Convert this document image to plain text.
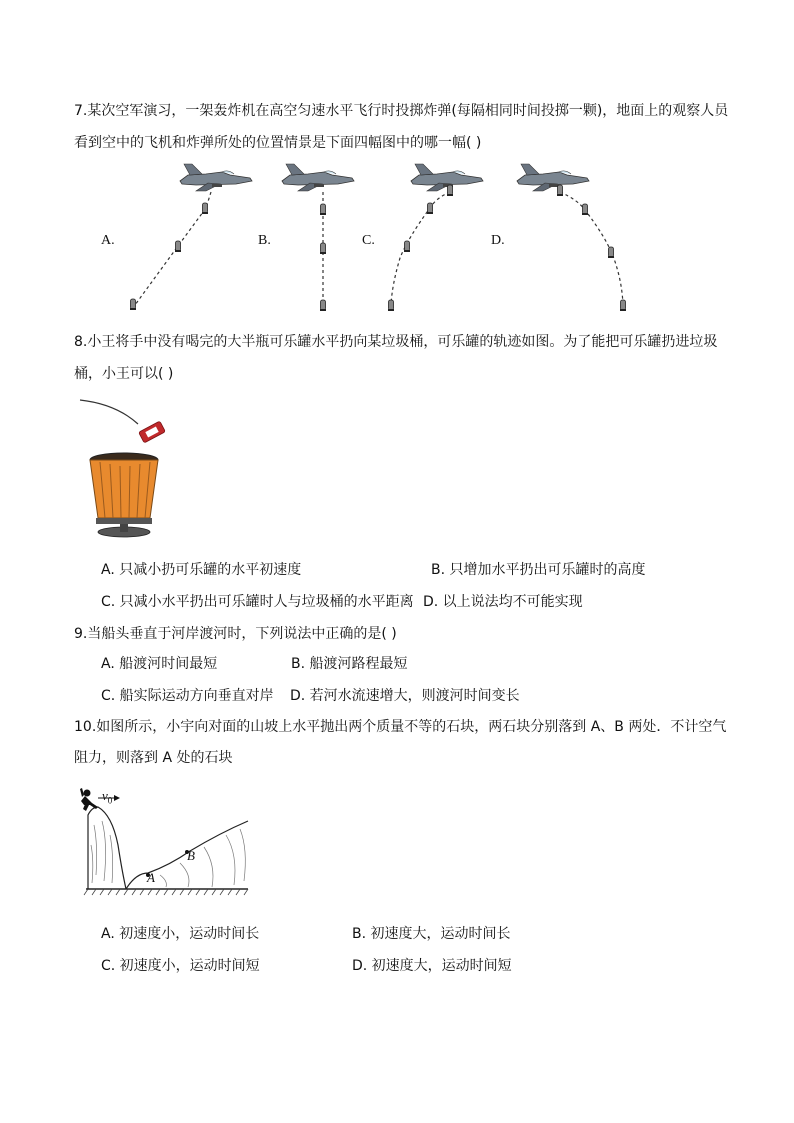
7.某次空军演习，一架轰炸机在高空匀速水平飞行时投掷炸弹(每隔相同时间投掷一颗)，地面上的观察人员
看到空中的飞机和炸弹所处的位置情景是下面四幅图中的哪一幅( )
A.	B.	C.	D.
8.小王将手中没有喝完的大半瓶可乐罐水平扔向某垃圾桶，可乐罐的轨迹如图。为了能把可乐罐扔进垃圾
桶，小王可以( )
A. 只减小扔可乐罐的水平初速度	B. 只增加水平扔出可乐罐时的高度
C. 只减小水平扔出可乐罐时人与垃圾桶的水平距离 D. 以上说法均不可能实现
9.当船头垂直于河岸渡河时，下列说法中正确的是( )
A. 船渡河时间最短	B. 船渡河路程最短
C. 船实际运动方向垂直对岸 D. 若河水流速增大，则渡河时间变长
10.如图所示，小宇向对面的山坡上水平抛出两个质量不等的石块，两石块分别落到 A、B 两处．不计空气
阻力，则落到 A 处的石块
$v_0$
A
B
A. 初速度小，运动时间长	B. 初速度大，运动时间长
C. 初速度小，运动时间短	D. 初速度大，运动时间短
